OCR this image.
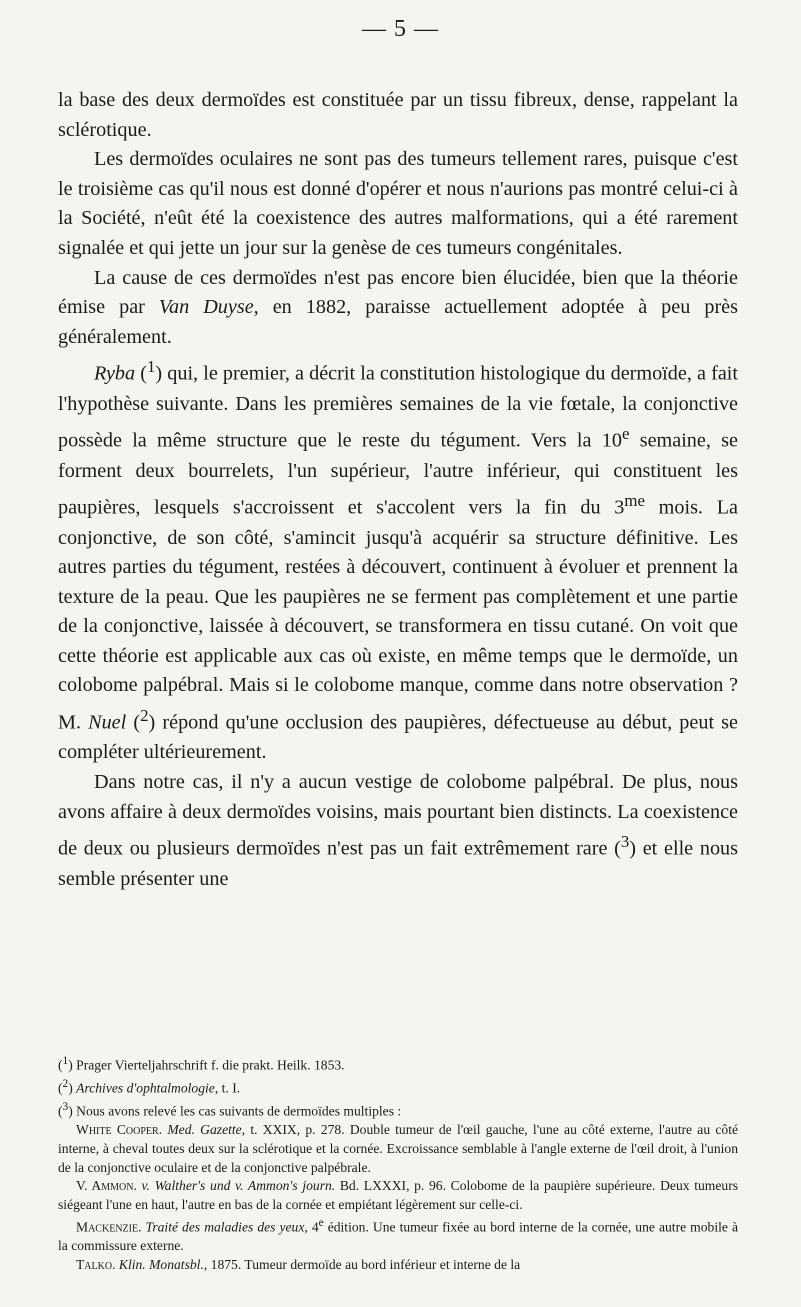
— 5 —

la base des deux dermoïdes est constituée par un tissu fibreux, dense, rappelant la sclérotique.

Les dermoïdes oculaires ne sont pas des tumeurs tellement rares, puisque c'est le troisième cas qu'il nous est donné d'opérer et nous n'aurions pas montré celui-ci à la Société, n'eût été la coexistence des autres malformations, qui a été rarement signalée et qui jette un jour sur la genèse de ces tumeurs congénitales.

La cause de ces dermoïdes n'est pas encore bien élucidée, bien que la théorie émise par Van Duyse, en 1882, paraisse actuellement adoptée à peu près généralement.

Ryba ($^1$) qui, le premier, a décrit la constitution histologique du dermoïde, a fait l'hypothèse suivante. Dans les premières semaines de la vie fœtale, la conjonctive possède la même structure que le reste du tégument. Vers la 10e semaine, se forment deux bourrelets, l'un supérieur, l'autre inférieur, qui constituent les paupières, lesquels s'accroissent et s'accolent vers la fin du $3^{me}$ mois. La conjonctive, de son côté, s'amincit jusqu'à acquérir sa structure définitive. Les autres parties du tégument, restées à découvert, continuent à évoluer et prennent la texture de la peau. Que les paupières ne se ferment pas complètement et une partie de la conjonctive, laissée à découvert, se transformera en tissu cutané. On voit que cette théorie est applicable aux cas où existe, en même temps que le dermoïde, un colobome palpébral. Mais si le colobome manque, comme dans notre observation ? M. Nuel ($^2$) répond qu'une occlusion des paupières, défectueuse au début, peut se compléter ultérieurement.

Dans notre cas, il n'y a aucun vestige de colobome palpébral. De plus, nous avons affaire à deux dermoïdes voisins, mais pourtant bien distincts. La coexistence de deux ou plusieurs dermoïdes n'est pas un fait extrêmement rare ($^3$) et elle nous semble présenter une

($^1$) Prager Vierteljahrschrift f. die prakt. Heilk. 1853.

($^2$) Archives d'ophtalmologie, t. I.

($^3$) Nous avons relevé les cas suivants de dermoïdes multiples :

White Cooper. Med. Gazette, t. XXIX, p. 278. Double tumeur de l'œil gauche, l'une au côté externe, l'autre au côté interne, à cheval toutes deux sur la sclérotique et la cornée. Excroissance semblable à l'angle externe de l'œil droit, à l'union de la conjonctive oculaire et de la conjonctive palpébrale.

V. Ammon. v. Walther's und v. Ammon's journ. Bd. LXXXI, p. 96. Colobome de la paupière supérieure. Deux tumeurs siégeant l'une en haut, l'autre en bas de la cornée et empiétant légèrement sur celle-ci.

Mackenzie. Traité des maladies des yeux, 4e édition. Une tumeur fixée au bord interne de la cornée, une autre mobile à la commissure externe.

Talko. Klin. Monatsbl., 1875. Tumeur dermoïde au bord inférieur et interne de la
